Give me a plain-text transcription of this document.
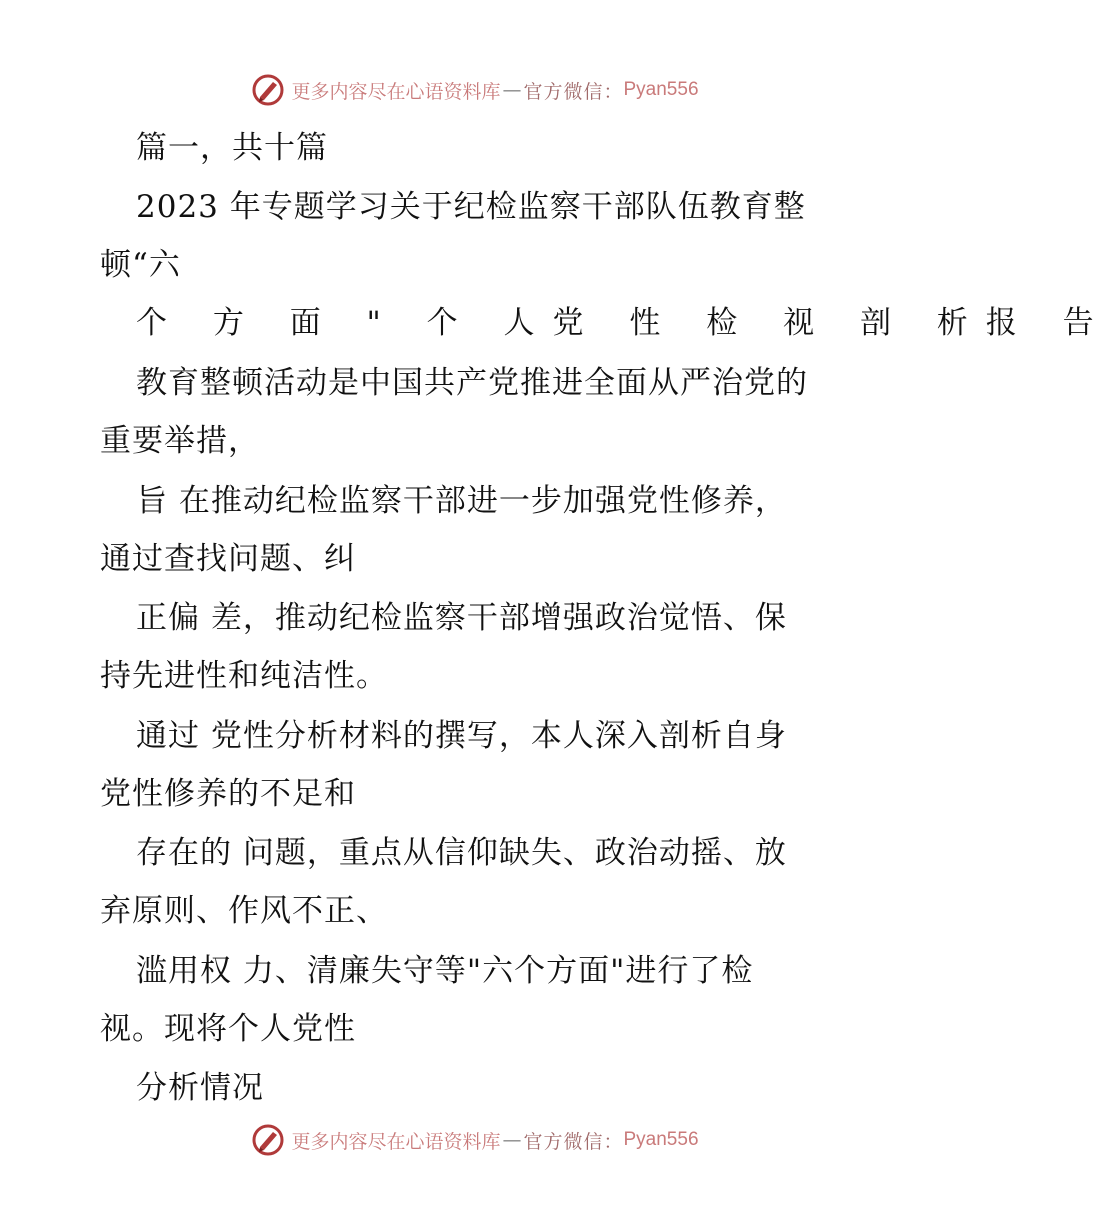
更多内容尽在心语资料库 — 官方微信： Pyan556
篇一，共十篇
2023 年专题学习关于纪检监察干部队伍教育整
顿“六
个 方 面 " 个 人党 性 检 视 剖 析报 告
教育整顿活动是中国共产党推进全面从严治党的
重要举措，
旨 在推动纪检监察干部进一步加强党性修养，
通过查找问题、纠
正偏 差，推动纪检监察干部增强政治觉悟、保
持先进性和纯洁性。
通过 党性分析材料的撰写，本人深入剖析自身
党性修养的不足和
存在的 问题，重点从信仰缺失、政治动摇、放
弃原则、作风不正、
滥用权 力、清廉失守等"六个方面"进行了检
视。现将个人党性
分析情况
更多内容尽在心语资料库 — 官方微信： Pyan556
